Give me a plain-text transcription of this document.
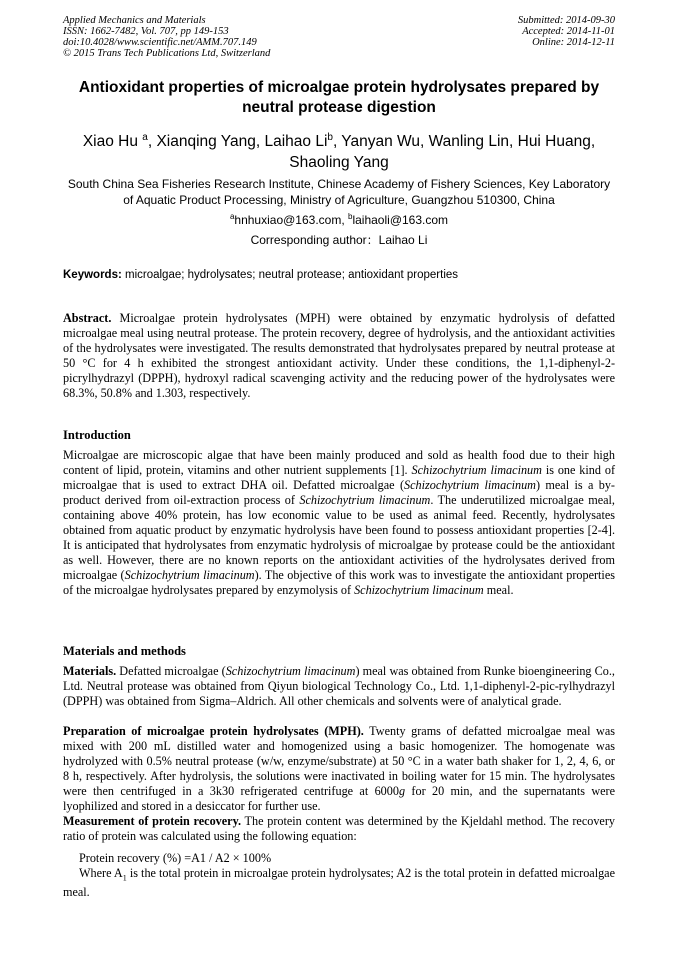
Applied Mechanics and Materials
ISSN: 1662-7482, Vol. 707, pp 149-153
doi:10.4028/www.scientific.net/AMM.707.149
© 2015 Trans Tech Publications Ltd, Switzerland
Submitted: 2014-09-30
Accepted: 2014-11-01
Online: 2014-12-11
Antioxidant properties of microalgae protein hydrolysates prepared by neutral protease digestion
Xiao Hu $^a$, Xianqing Yang, Laihao Li$^b$, Yanyan Wu, Wanling Lin, Hui Huang, Shaoling Yang
South China Sea Fisheries Research Institute, Chinese Academy of Fishery Sciences, Key Laboratory of Aquatic Product Processing, Ministry of Agriculture, Guangzhou 510300, China
$^a$hnhuxiao@163.com, $^b$laihaoli@163.com
Corresponding author：Laihao Li
Keywords: microalgae; hydrolysates; neutral protease; antioxidant properties

Abstract. Microalgae protein hydrolysates (MPH) were obtained by enzymatic hydrolysis of defatted microalgae meal using neutral protease. The protein recovery, degree of hydrolysis, and the antioxidant activities of the hydrolysates were investigated. The results demonstrated that hydrolysates prepared by neutral protease at 50 °C for 4 h exhibited the strongest antioxidant activity. Under these conditions, the 1,1-diphenyl-2-picrylhydrazyl (DPPH), hydroxyl radical scavenging activity and the reducing power of the hydrolysates were 68.3%, 50.8% and 1.303, respectively.

Introduction

Microalgae are microscopic algae that have been mainly produced and sold as health food due to their high content of lipid, protein, vitamins and other nutrient supplements [1]. Schizochytrium limacinum is one kind of microalgae that is used to extract DHA oil. Defatted microalgae (Schizochytrium limacinum) meal is a by-product derived from oil-extraction process of Schizochytrium limacinum. The underutilized microalgae meal, containing above 40% protein, has low economic value to be used as animal feed. Recently, hydrolysates obtained from aquatic product by enzymatic hydrolysis have been found to possess antioxidant properties [2-4]. It is anticipated that hydrolysates from enzymatic hydrolysis of microalgae by protease could be the antioxidant as well. However, there are no known reports on the antioxidant activities of the hydrolysates derived from microalgae (Schizochytrium limacinum). The objective of this work was to investigate the antioxidant properties of the microalgae hydrolysates prepared by enzymolysis of Schizochytrium limacinum meal.

Materials and methods

Materials. Defatted microalgae (Schizochytrium limacinum) meal was obtained from Runke bioengineering Co., Ltd. Neutral protease was obtained from Qiyun biological Technology Co., Ltd. 1,1-diphenyl-2-pic-rylhydrazyl (DPPH) was obtained from Sigma–Aldrich. All other chemicals and solvents were of analytical grade.

Preparation of microalgae protein hydrolysates (MPH). Twenty grams of defatted microalgae meal was mixed with 200 mL distilled water and homogenized using a basic homogenizer. The homogenate was hydrolyzed with 0.5% neutral protease (w/w, enzyme/substrate) at 50 °C in a water bath shaker for 1, 2, 4, 6, or 8 h, respectively. After hydrolysis, the solutions were inactivated in boiling water for 15 min. The hydrolysates were then centrifuged in a 3k30 refrigerated centrifuge at 6000g for 20 min, and the supernatants were lyophilized and stored in a desiccator for further use.

Measurement of protein recovery. The protein content was determined by the Kjeldahl method. The recovery ratio of protein was calculated using the following equation:

Protein recovery (%) =A1 / A2 × 100%

Where $A_1$ is the total protein in microalgae protein hydrolysates; A2 is the total protein in defatted microalgae meal.
